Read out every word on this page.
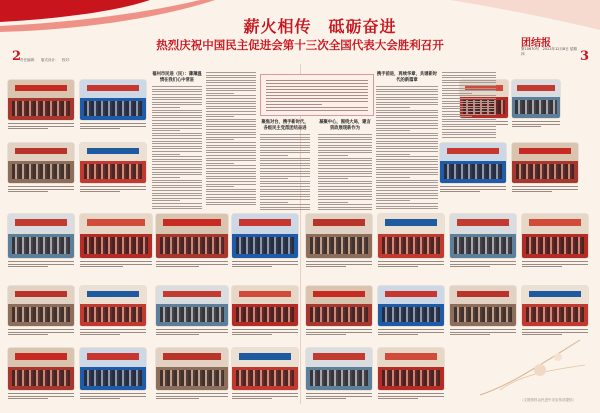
薪火相传　砥砺奋进
热烈庆祝中国民主促进会第十三次全国代表大会胜利召开
2	3
团结报
第10670号　2022年12月8日 星期四
责任编辑：　版式设计：　校对：
福州市民进（民）：薄薄温情在我们心中常驻
聚焦对台，携手新时代，各级民主党派团结奋进
凝聚中心，围绕大局，建言资政展现新作为
携手前进，再续华章，共谱新时代的新篇章
（文图资料由民进中央宣传部提供）
